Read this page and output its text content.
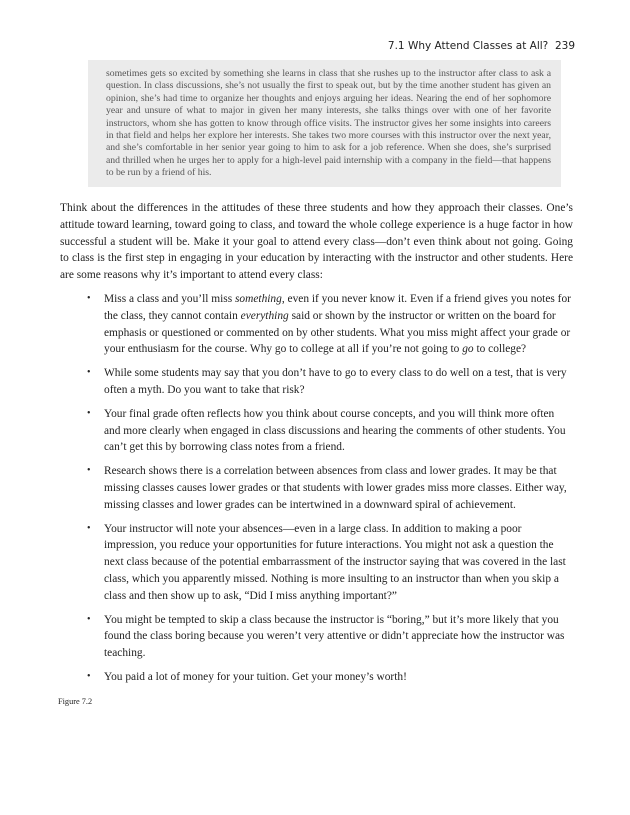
7.1 Why Attend Classes at All? 239
sometimes gets so excited by something she learns in class that she rushes up to the instructor after class to ask a question. In class discussions, she’s not usually the first to speak out, but by the time another student has given an opinion, she’s had time to organize her thoughts and enjoys arguing her ideas. Nearing the end of her sophomore year and unsure of what to major in given her many interests, she talks things over with one of her favorite instructors, whom she has gotten to know through office visits. The instructor gives her some insights into careers in that field and helps her explore her interests. She takes two more courses with this instructor over the next year, and she’s comfortable in her senior year going to him to ask for a job reference. When she does, she’s surprised and thrilled when he urges her to apply for a high-level paid internship with a company in the field—that happens to be run by a friend of his.

Think about the differences in the attitudes of these three students and how they approach their classes. One’s attitude toward learning, toward going to class, and toward the whole college experience is a huge factor in how successful a student will be. Make it your goal to attend every class—don’t even think about not going. Going to class is the first step in engaging in your education by interacting with the instructor and other students. Here are some reasons why it’s important to attend every class:

• Miss a class and you’ll miss something, even if you never know it. Even if a friend gives you notes for the class, they cannot contain everything said or shown by the instructor or written on the board for emphasis or questioned or commented on by other students. What you miss might affect your grade or your enthusiasm for the course. Why go to college at all if you’re not going to go to college?
• While some students may say that you don’t have to go to every class to do well on a test, that is very often a myth. Do you want to take that risk?
• Your final grade often reflects how you think about course concepts, and you will think more often and more clearly when engaged in class discussions and hearing the comments of other students. You can’t get this by borrowing class notes from a friend.
• Research shows there is a correlation between absences from class and lower grades. It may be that missing classes causes lower grades or that students with lower grades miss more classes. Either way, missing classes and lower grades can be intertwined in a downward spiral of achievement.
• Your instructor will note your absences—even in a large class. In addition to making a poor impression, you reduce your opportunities for future interactions. You might not ask a question the next class because of the potential embarrassment of the instructor saying that was covered in the last class, which you apparently missed. Nothing is more insulting to an instructor than when you skip a class and then show up to ask, “Did I miss anything important?”
• You might be tempted to skip a class because the instructor is “boring,” but it’s more likely that you found the class boring because you weren’t very attentive or didn’t appreciate how the instructor was teaching.
• You paid a lot of money for your tuition. Get your money’s worth!
Figure 7.2
